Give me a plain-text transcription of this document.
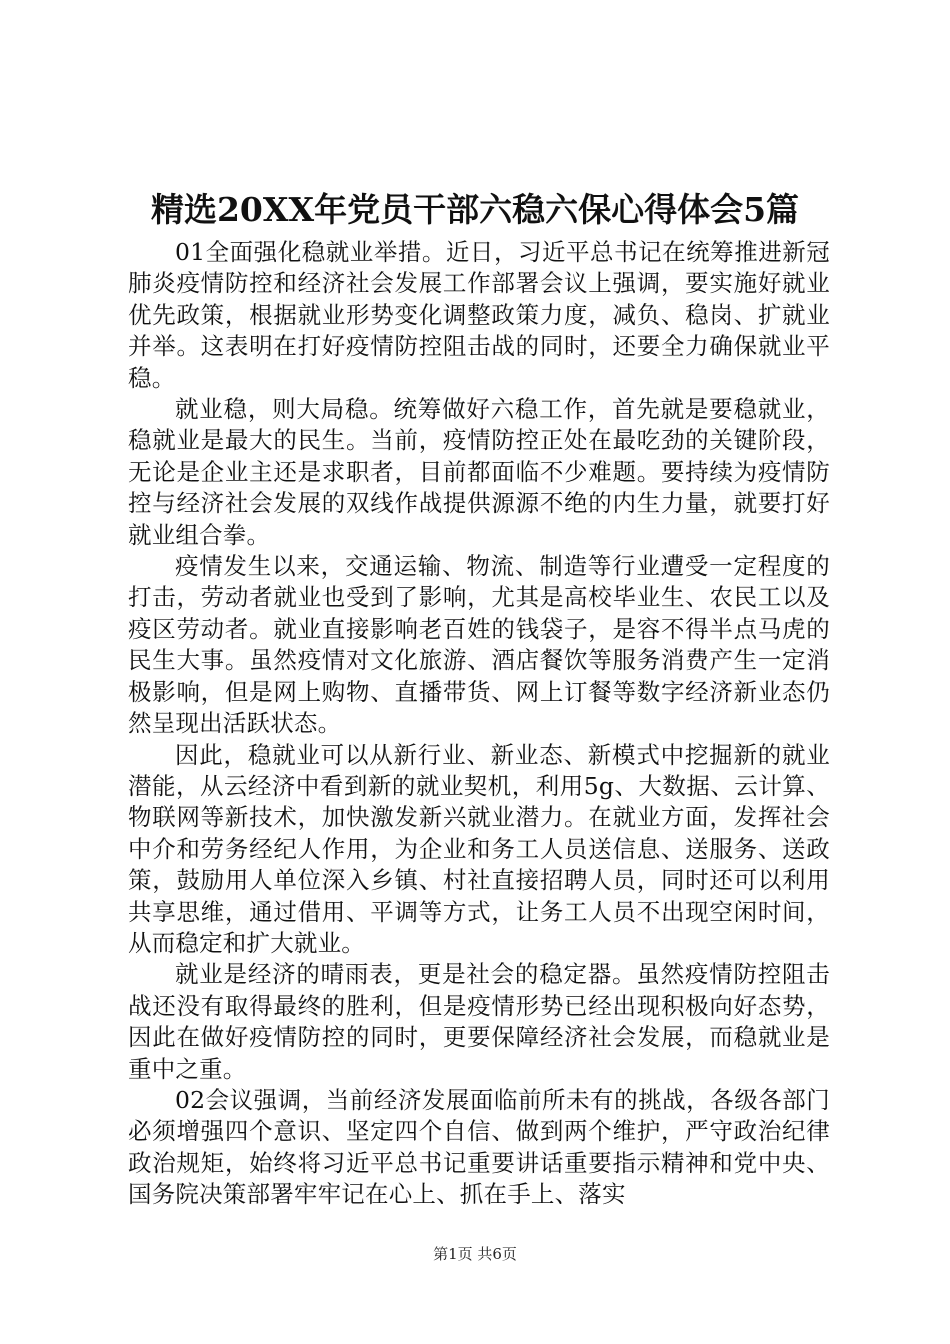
精选20XX年党员干部六稳六保心得体会5篇

01全面强化稳就业举措。近日，习近平总书记在统筹推进新冠肺炎疫情防控和经济社会发展工作部署会议上强调，要实施好就业优先政策，根据就业形势变化调整政策力度，减负、稳岗、扩就业并举。这表明在打好疫情防控阻击战的同时，还要全力确保就业平稳。

就业稳，则大局稳。统筹做好六稳工作，首先就是要稳就业，稳就业是最大的民生。当前，疫情防控正处在最吃劲的关键阶段，无论是企业主还是求职者，目前都面临不少难题。要持续为疫情防控与经济社会发展的双线作战提供源源不绝的内生力量，就要打好就业组合拳。

疫情发生以来，交通运输、物流、制造等行业遭受一定程度的打击，劳动者就业也受到了影响，尤其是高校毕业生、农民工以及疫区劳动者。就业直接影响老百姓的钱袋子，是容不得半点马虎的民生大事。虽然疫情对文化旅游、酒店餐饮等服务消费产生一定消极影响，但是网上购物、直播带货、网上订餐等数字经济新业态仍然呈现出活跃状态。

因此，稳就业可以从新行业、新业态、新模式中挖掘新的就业潜能，从云经济中看到新的就业契机，利用5g、大数据、云计算、物联网等新技术，加快激发新兴就业潜力。在就业方面，发挥社会中介和劳务经纪人作用，为企业和务工人员送信息、送服务、送政策，鼓励用人单位深入乡镇、村社直接招聘人员，同时还可以利用共享思维，通过借用、平调等方式，让务工人员不出现空闲时间，从而稳定和扩大就业。

就业是经济的晴雨表，更是社会的稳定器。虽然疫情防控阻击战还没有取得最终的胜利，但是疫情形势已经出现积极向好态势，因此在做好疫情防控的同时，更要保障经济社会发展，而稳就业是重中之重。

02会议强调，当前经济发展面临前所未有的挑战，各级各部门必须增强四个意识、坚定四个自信、做到两个维护，严守政治纪律政治规矩，始终将习近平总书记重要讲话重要指示精神和党中央、国务院决策部署牢牢记在心上、抓在手上、落实

第1页 共6页
